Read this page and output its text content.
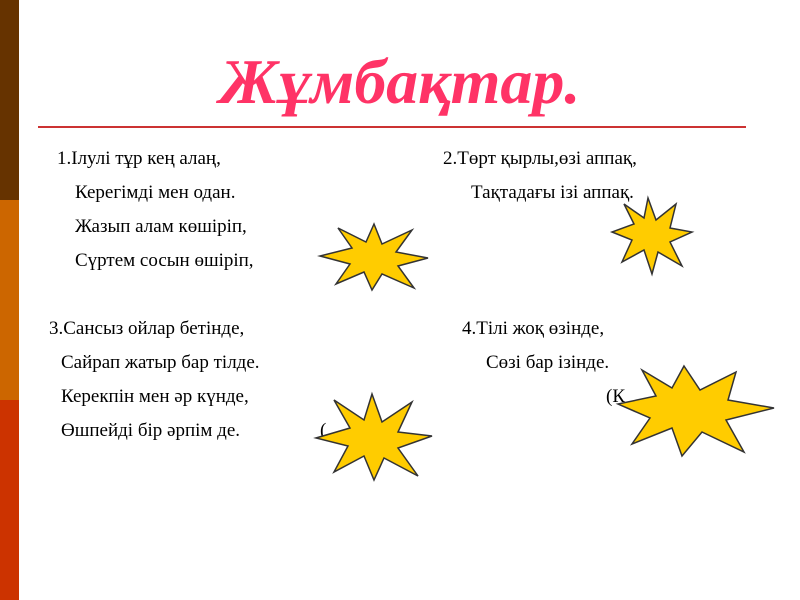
Жұмбақтар.
1.Ілулі тұр кең алаң,
Керегімді мен одан.
Жазып алам көшіріп,
Сүртем сосын өшіріп,
2.Төрт қырлы,өзі аппақ,
Тақтадағы ізі аппақ.
3.Сансыз ойлар бетінде,
Сайрап жатыр бар тілде.
Керекпін мен әр күнде,
Өшпейді бір әрпім де.
4.Тілі жоқ өзінде,
Сөзі бар ізінде.
(
(К
